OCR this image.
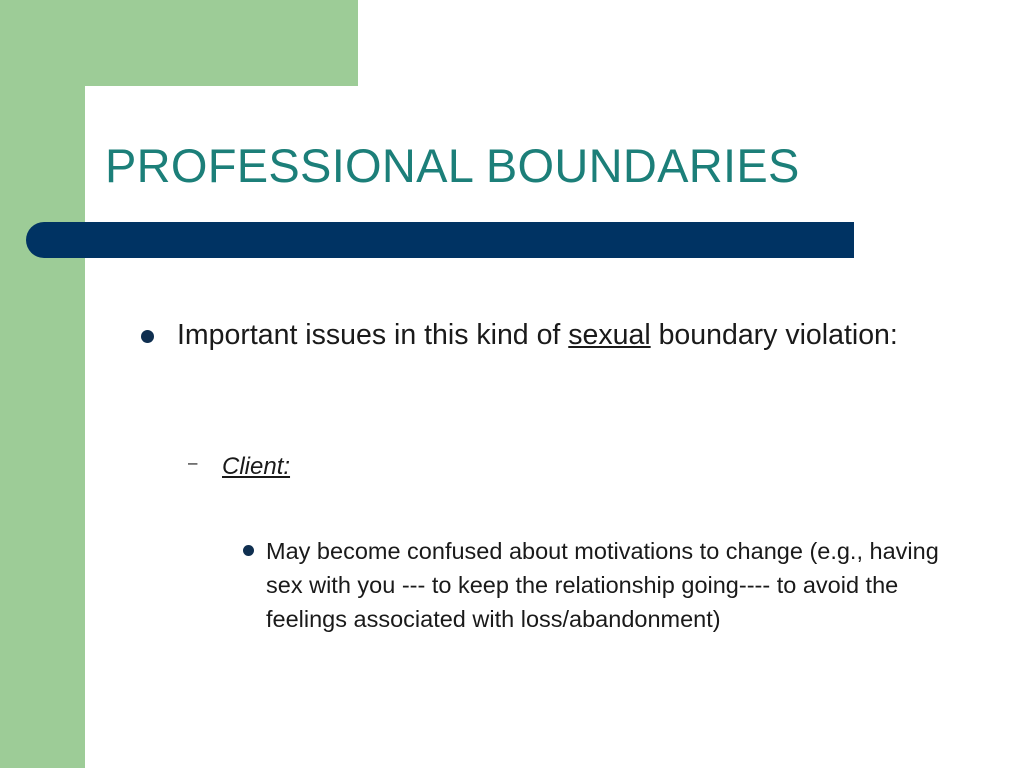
PROFESSIONAL BOUNDARIES
Important issues in this kind of sexual boundary violation:
– Client:
May become confused about motivations to change (e.g., having sex with you --- to keep the relationship going---- to avoid the feelings associated with loss/abandonment)
